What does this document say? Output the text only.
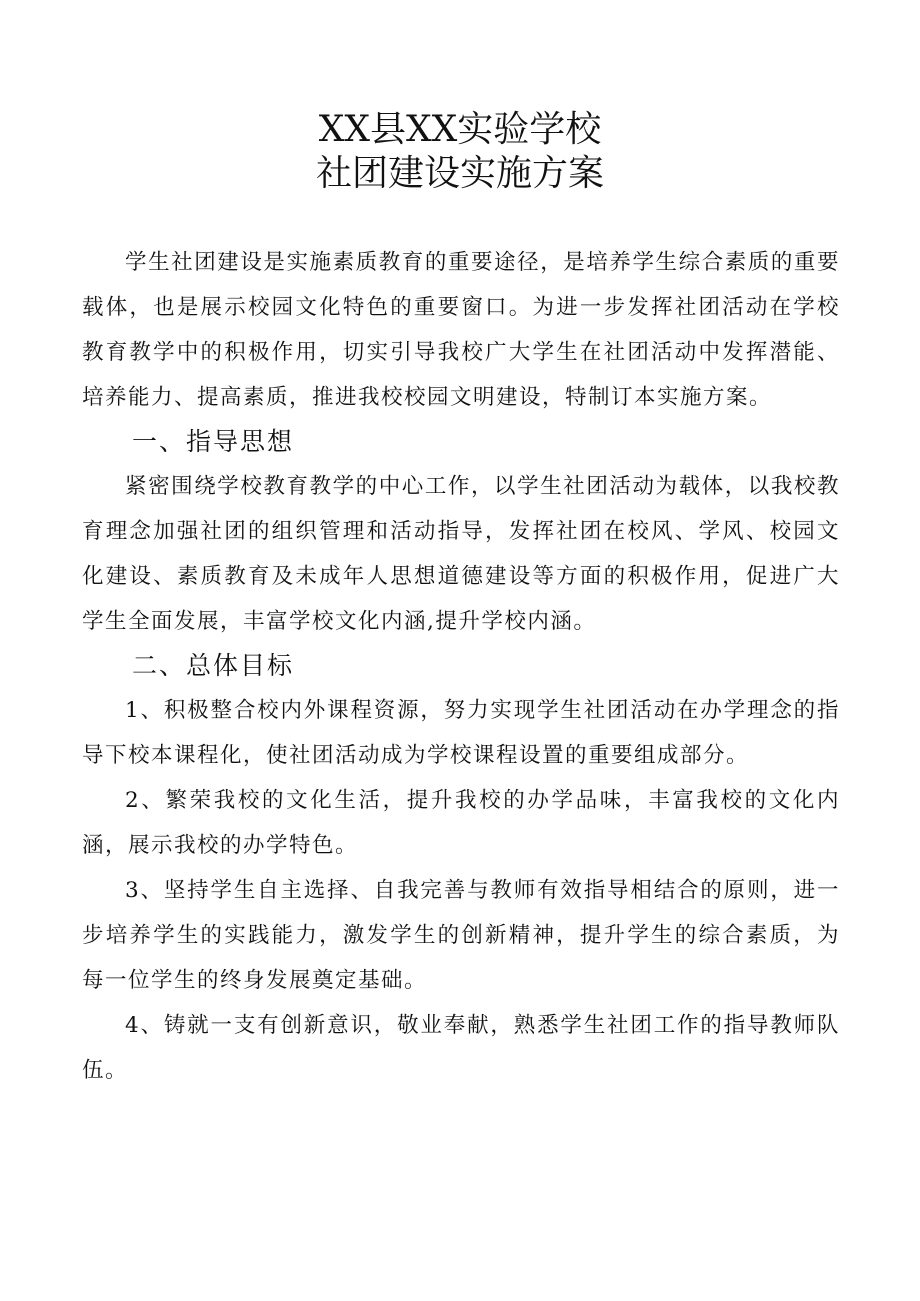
XX县XX实验学校
社团建设实施方案

学生社团建设是实施素质教育的重要途径，是培养学生综合素质的重要载体，也是展示校园文化特色的重要窗口。为进一步发挥社团活动在学校教育教学中的积极作用，切实引导我校广大学生在社团活动中发挥潜能、培养能力、提高素质，推进我校校园文明建设，特制订本实施方案。

一、指导思想

紧密围绕学校教育教学的中心工作，以学生社团活动为载体，以我校教育理念加强社团的组织管理和活动指导，发挥社团在校风、学风、校园文化建设、素质教育及未成年人思想道德建设等方面的积极作用，促进广大学生全面发展，丰富学校文化内涵,提升学校内涵。

二、总体目标

1、积极整合校内外课程资源，努力实现学生社团活动在办学理念的指导下校本课程化，使社团活动成为学校课程设置的重要组成部分。

2、繁荣我校的文化生活，提升我校的办学品味，丰富我校的文化内涵，展示我校的办学特色。

3、坚持学生自主选择、自我完善与教师有效指导相结合的原则，进一步培养学生的实践能力，激发学生的创新精神，提升学生的综合素质，为每一位学生的终身发展奠定基础。

4、铸就一支有创新意识，敬业奉献，熟悉学生社团工作的指导教师队伍。
